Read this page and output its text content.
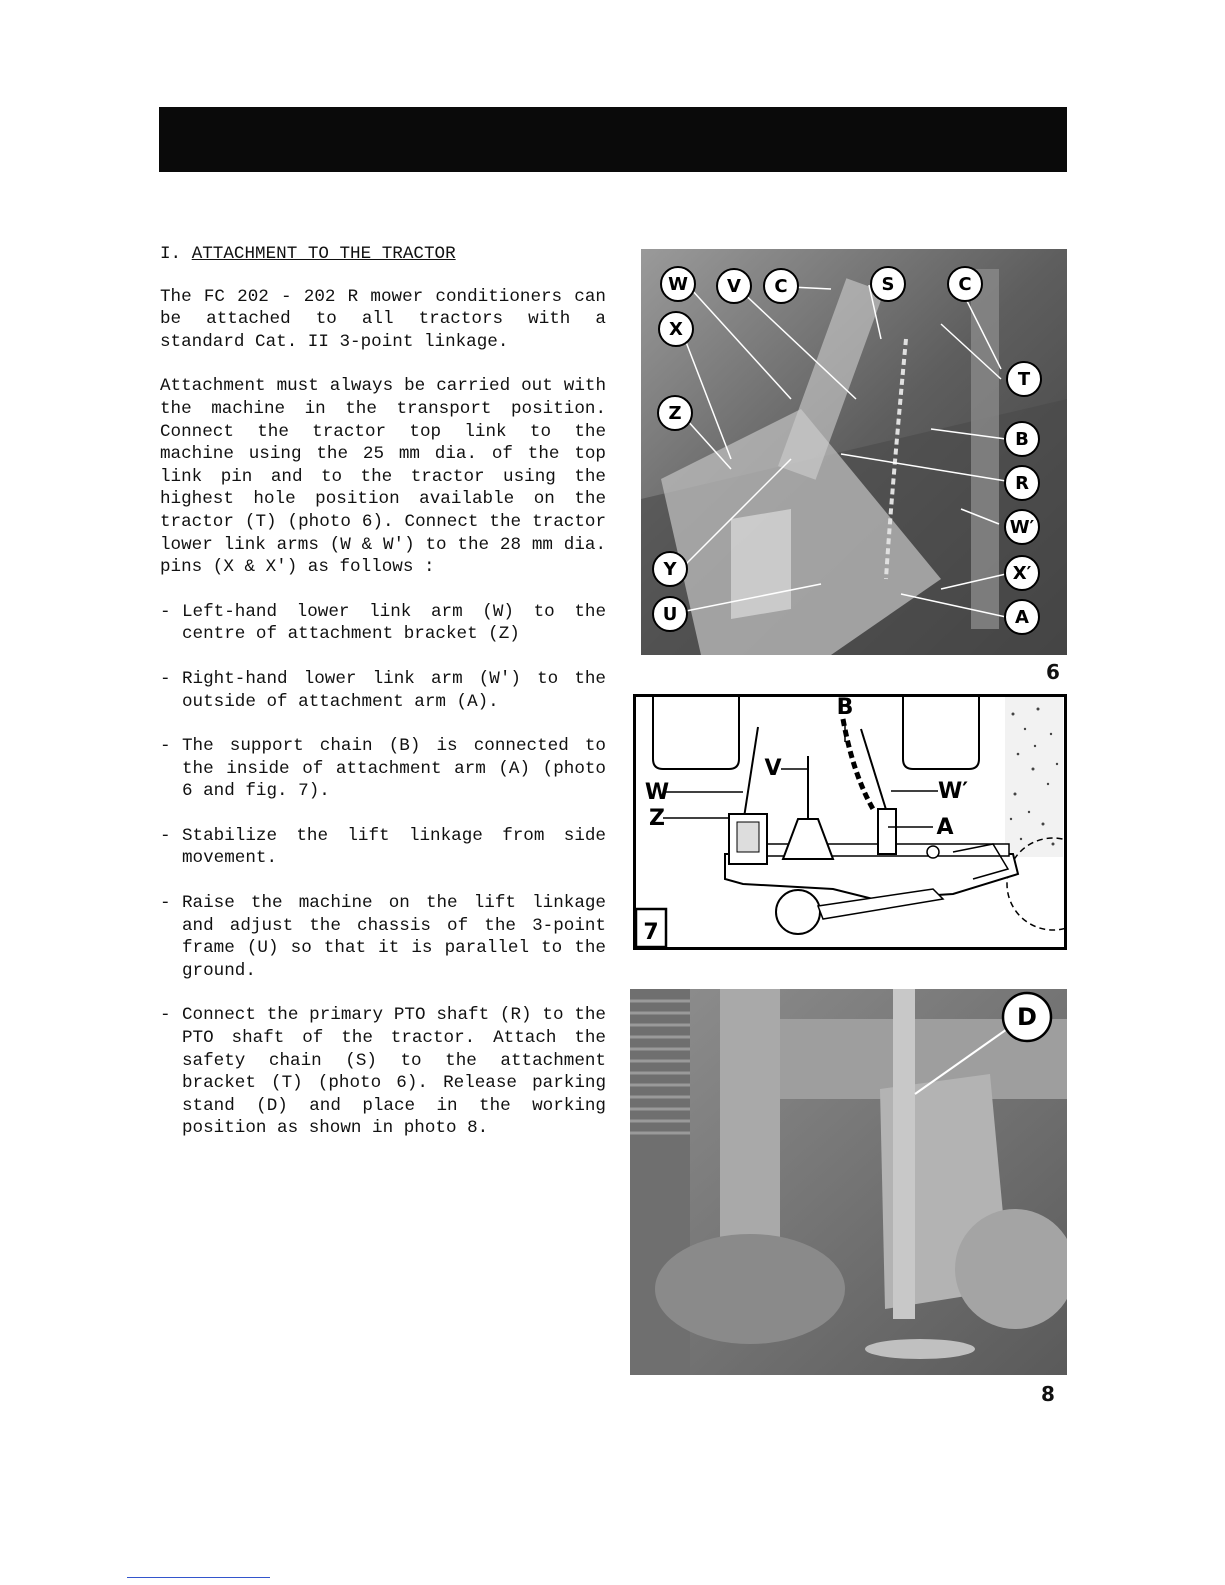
I. ATTACHMENT TO THE TRACTOR

The FC 202 - 202 R mower conditioners can be attached to all tractors with a standard Cat. II 3-point linkage.

Attachment must always be carried out with the machine in the transport position. Connect the tractor top link to the machine using the 25 mm dia. of the top link pin and to the tractor using the highest hole position available on the tractor (T) (photo 6). Connect the tractor lower link arms (W & W') to the 28 mm dia. pins (X & X') as follows :

- Left-hand lower link arm (W) to the centre of attachment bracket (Z)
- Right-hand lower link arm (W') to the outside of attachment arm (A).
- The support chain (B) is connected to the inside of attachment arm (A) (photo 6 and fig. 7).
- Stabilize the lift linkage from side movement.
- Raise the machine on the lift linkage and adjust the chassis of the 3-point frame (U) so that it is parallel to the ground.
- Connect the primary PTO shaft (R) to the PTO shaft of the tractor. Attach the safety chain (S) to the attachment bracket (T) (photo 6). Release parking stand (D) and place in the working position as shown in photo 8.
W V C	S	C
X
T
Z
B
R
W′
Y	X′
U	A
6
B
V
W	W′
Z	A
7
D
8
